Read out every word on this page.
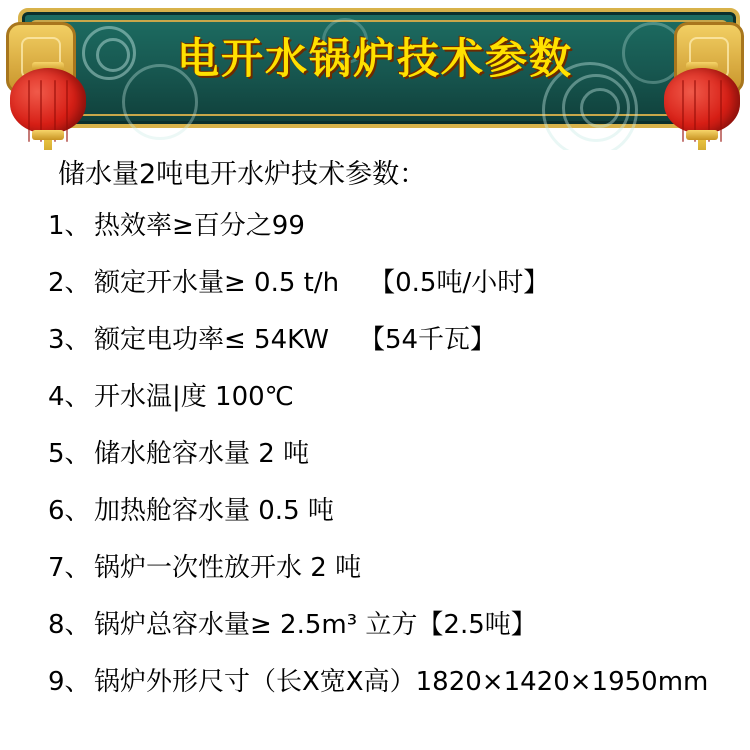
电开水锅炉技术参数
储水量2吨电开水炉技术参数：
1、 热效率≥百分之99
2、 额定开水量≥ 0.5 t/h 【0.5吨/小时】
3、 额定电功率≤ 54KW 【54千瓦】
4、 开水温|度 100℃
5、 储水舱容水量 2 吨
6、 加热舱容水量 0.5 吨
7、 锅炉一次性放开水 2 吨
8、 锅炉总容水量≥ 2.5m³ 立方【2.5吨】
9、 锅炉外形尺寸（长X宽X高）1820×1420×1950mm
